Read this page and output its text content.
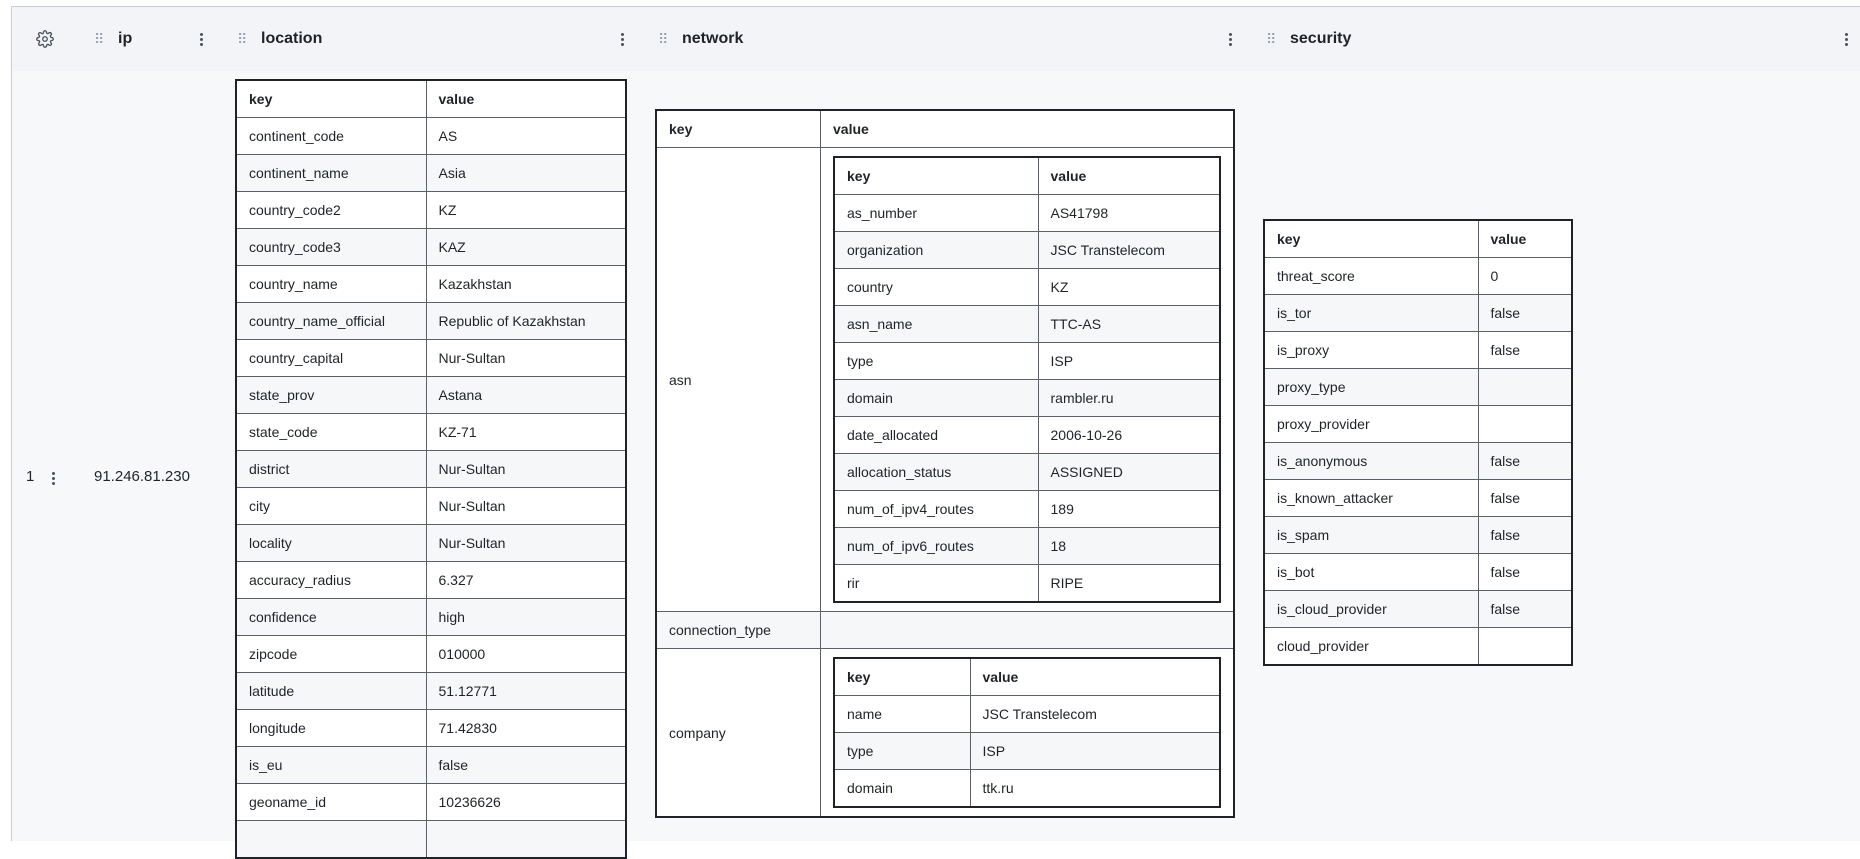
1
⠿ ip
91.246.81.230
⠿ location
key	value
continent_code	AS
continent_name	Asia
country_code2	KZ
country_code3	KAZ
country_name	Kazakhstan
country_name_official	Republic of Kazakhstan
country_capital	Nur-Sultan
state_prov	Astana
state_code	KZ-71
district	Nur-Sultan
city	Nur-Sultan
locality	Nur-Sultan
accuracy_radius	6.327
confidence	high
zipcode	010000
latitude	51.12771
longitude	71.42830
is_eu	false
geoname_id	10236626

⠿ network
key	value
asn	
key	value
as_number	AS41798
organization	JSC Transtelecom
country	KZ
asn_name	TTC-AS
type	ISP
domain	rambler.ru
date_allocated	2006-10-26
allocation_status	ASSIGNED
num_of_ipv4_routes	189
num_of_ipv6_routes	18
rir	RIPE

connection_type	
company	
key	value
name	JSC Transtelecom
type	ISP
domain	ttk.ru
⠿ security
key	value
threat_score	0
is_tor	false
is_proxy	false
proxy_type	
proxy_provider	
is_anonymous	false
is_known_attacker	false
is_spam	false
is_bot	false
is_cloud_provider	false
cloud_provider	
